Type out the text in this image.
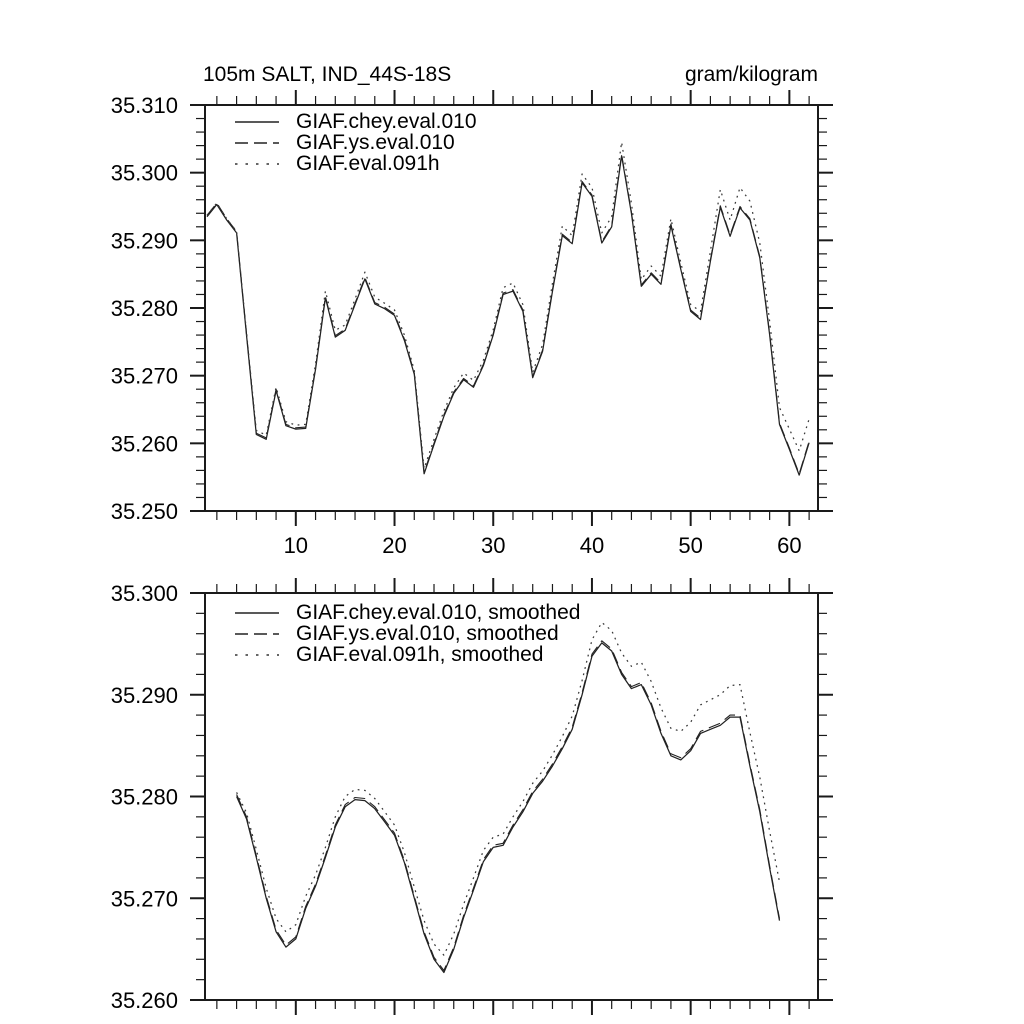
35.250
35.260
35.270
35.280
35.290
35.300
35.310
10	20	30	40	50	60
35.260
35.270
35.280
35.290
35.300
105m SALT, IND_44S-18S	gram/kilogram
GIAF.chey.eval.010
GIAF.ys.eval.010
GIAF.eval.091h
GIAF.chey.eval.010, smoothed
GIAF.ys.eval.010, smoothed
GIAF.eval.091h, smoothed
